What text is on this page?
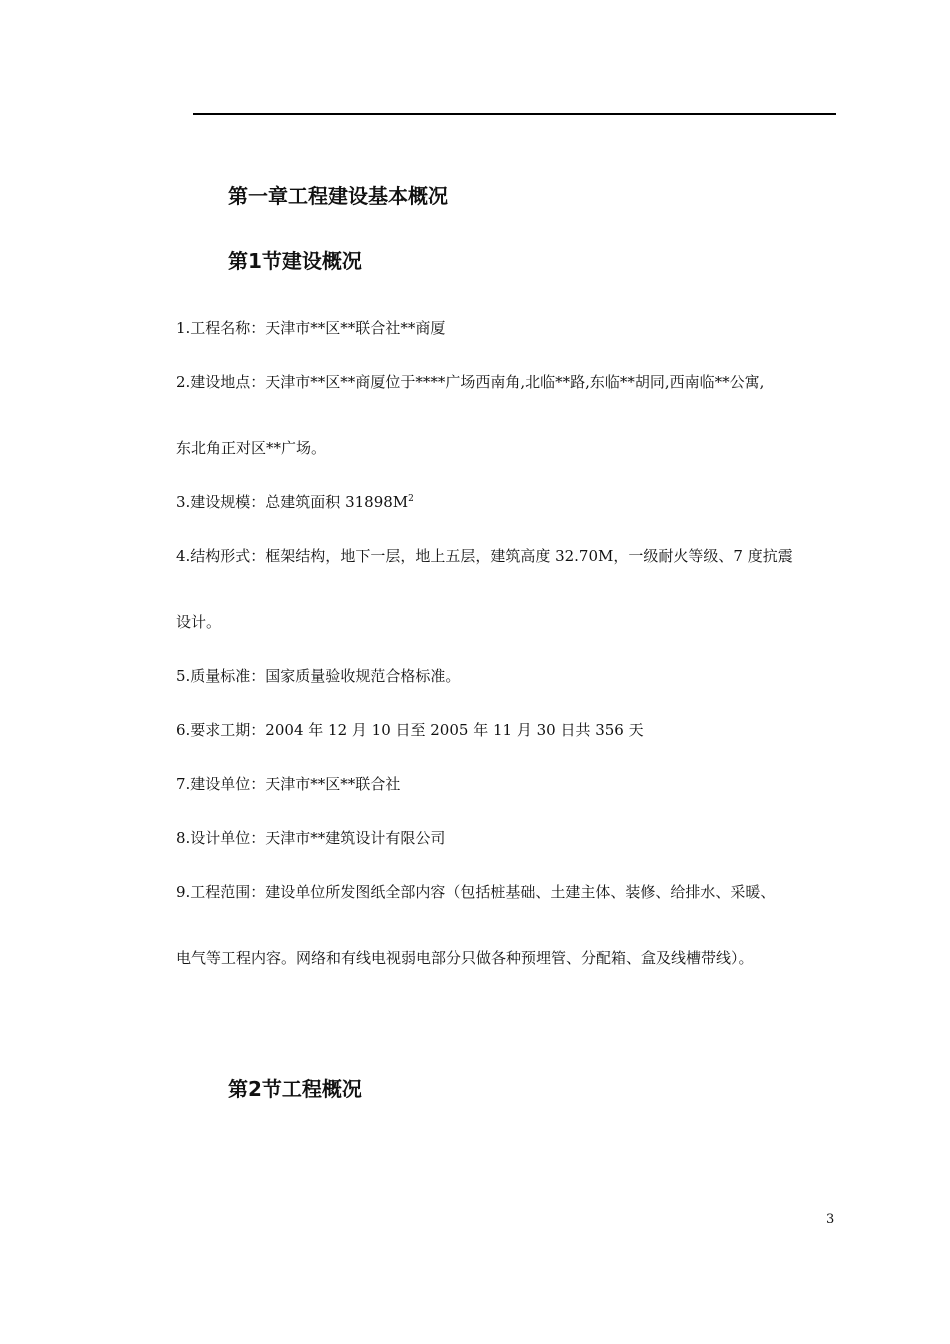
第一章工程建设基本概况
第1节建设概况
1.工程名称：天津市**区**联合社**商厦
2.建设地点：天津市**区**商厦位于****广场西南角,北临**路,东临**胡同,西南临**公寓,
东北角正对区**广场。
3.建设规模：总建筑面积 $31898M^2$
4.结构形式：框架结构，地下一层，地上五层，建筑高度 32.70M，一级耐火等级、7 度抗震
设计。
5.质量标准：国家质量验收规范合格标准。
6.要求工期：2004 年 12 月 10 日至 2005 年 11 月 30 日共 356 天
7.建设单位：天津市**区**联合社
8.设计单位：天津市**建筑设计有限公司
9.工程范围：建设单位所发图纸全部内容（包括桩基础、土建主体、装修、给排水、采暖、
电气等工程内容。网络和有线电视弱电部分只做各种预埋管、分配箱、盒及线槽带线）。
第2节工程概况
3
